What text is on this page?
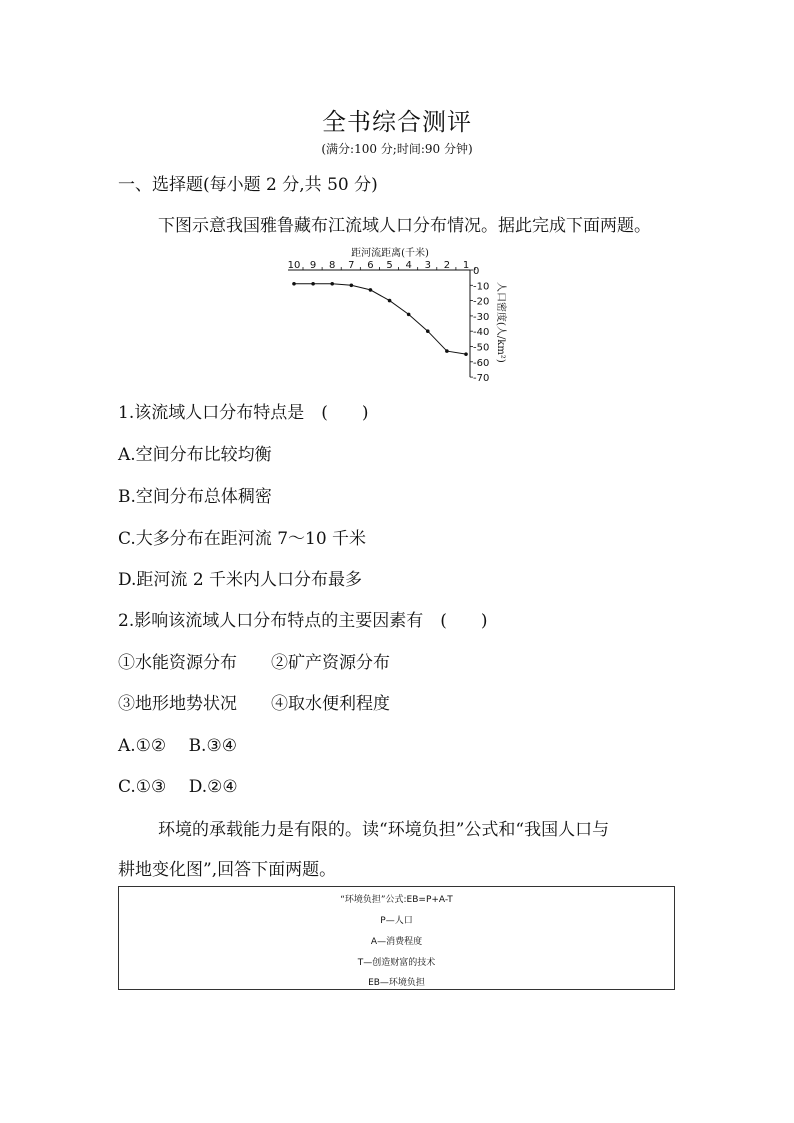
全书综合测评
(满分:100 分;时间:90 分钟)
一、选择题(每小题 2 分,共 50 分)
下图示意我国雅鲁藏布江流域人口分布情况。据此完成下面两题。
距河流距离(千米)
10 9 8 7 6 5 4 3 2 1
0
-10
-20
-30
-40
-50
-60
-70
人口密度(人/km²)
1.该流域人口分布特点是　(　　)
A.空间分布比较均衡
B.空间分布总体稠密
C.大多分布在距河流 7～10 千米
D.距河流 2 千米内人口分布最多
2.影响该流域人口分布特点的主要因素有　(　　)
①水能资源分布　　②矿产资源分布
③地形地势状况　　④取水便利程度
A.①②　 B.③④
C.①③　 D.②④
环境的承载能力是有限的。读“环境负担”公式和“我国人口与
耕地变化图”,回答下面两题。
“环境负担”公式:EB=P+A-T
P—人口
A—消费程度
T—创造财富的技术
EB—环境负担
